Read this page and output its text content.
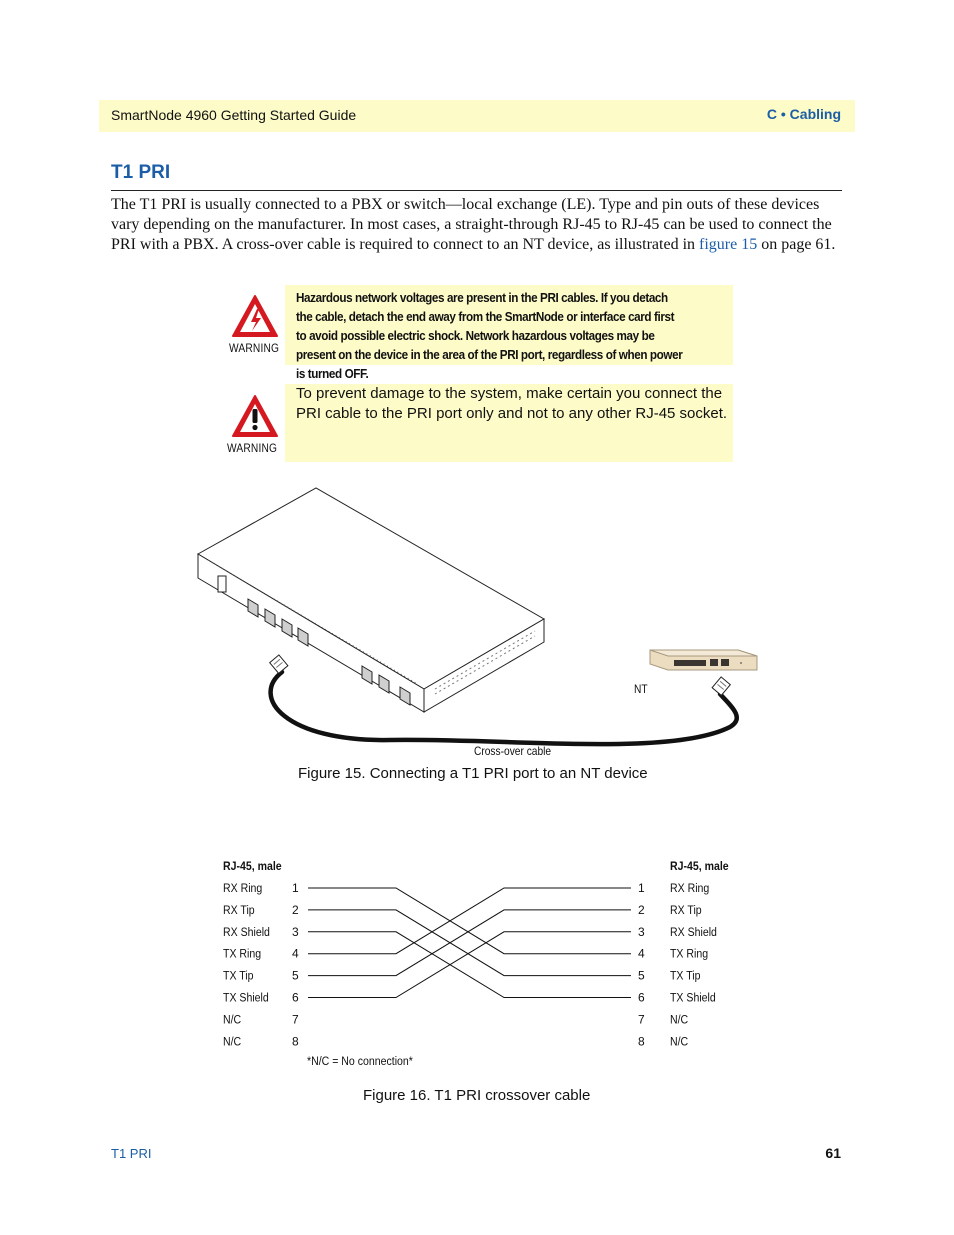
SmartNode 4960 Getting Started Guide	C • Cabling
T1 PRI

The T1 PRI is usually connected to a PBX or switch—local exchange (LE). Type and pin outs of these devices vary depending on the manufacturer. In most cases, a straight-through RJ-45 to RJ-45 can be used to connect the PRI with a PBX. A cross-over cable is required to connect to an NT device, as illustrated in figure 15 on page 61.

WARNING
Hazardous network voltages are present in the PRI cables. If you detach the cable, detach the end away from the SmartNode or interface card first to avoid possible electric shock. Network hazardous voltages may be present on the device in the area of the PRI port, regardless of when power is turned OFF.
WARNING
To prevent damage to the system, make certain you connect the PRI cable to the PRI port only and not to any other RJ-45 socket.
NT
Cross-over cable
Figure 15. Connecting a T1 PRI port to an NT device
RJ-45, male	RJ-45, male
RX Ring 1
RX Tip	2
RX Shield 3
TX Ring	4
TX Tip	5
TX Shield 6
N/C	7
N/C	8
1 RX Ring
2 RX Tip
3 RX Shield
4 TX Ring
5 TX Tip
6 TX Shield
7 N/C
8 N/C
*N/C = No connection*
Figure 16. T1 PRI crossover cable
T1 PRI	61
